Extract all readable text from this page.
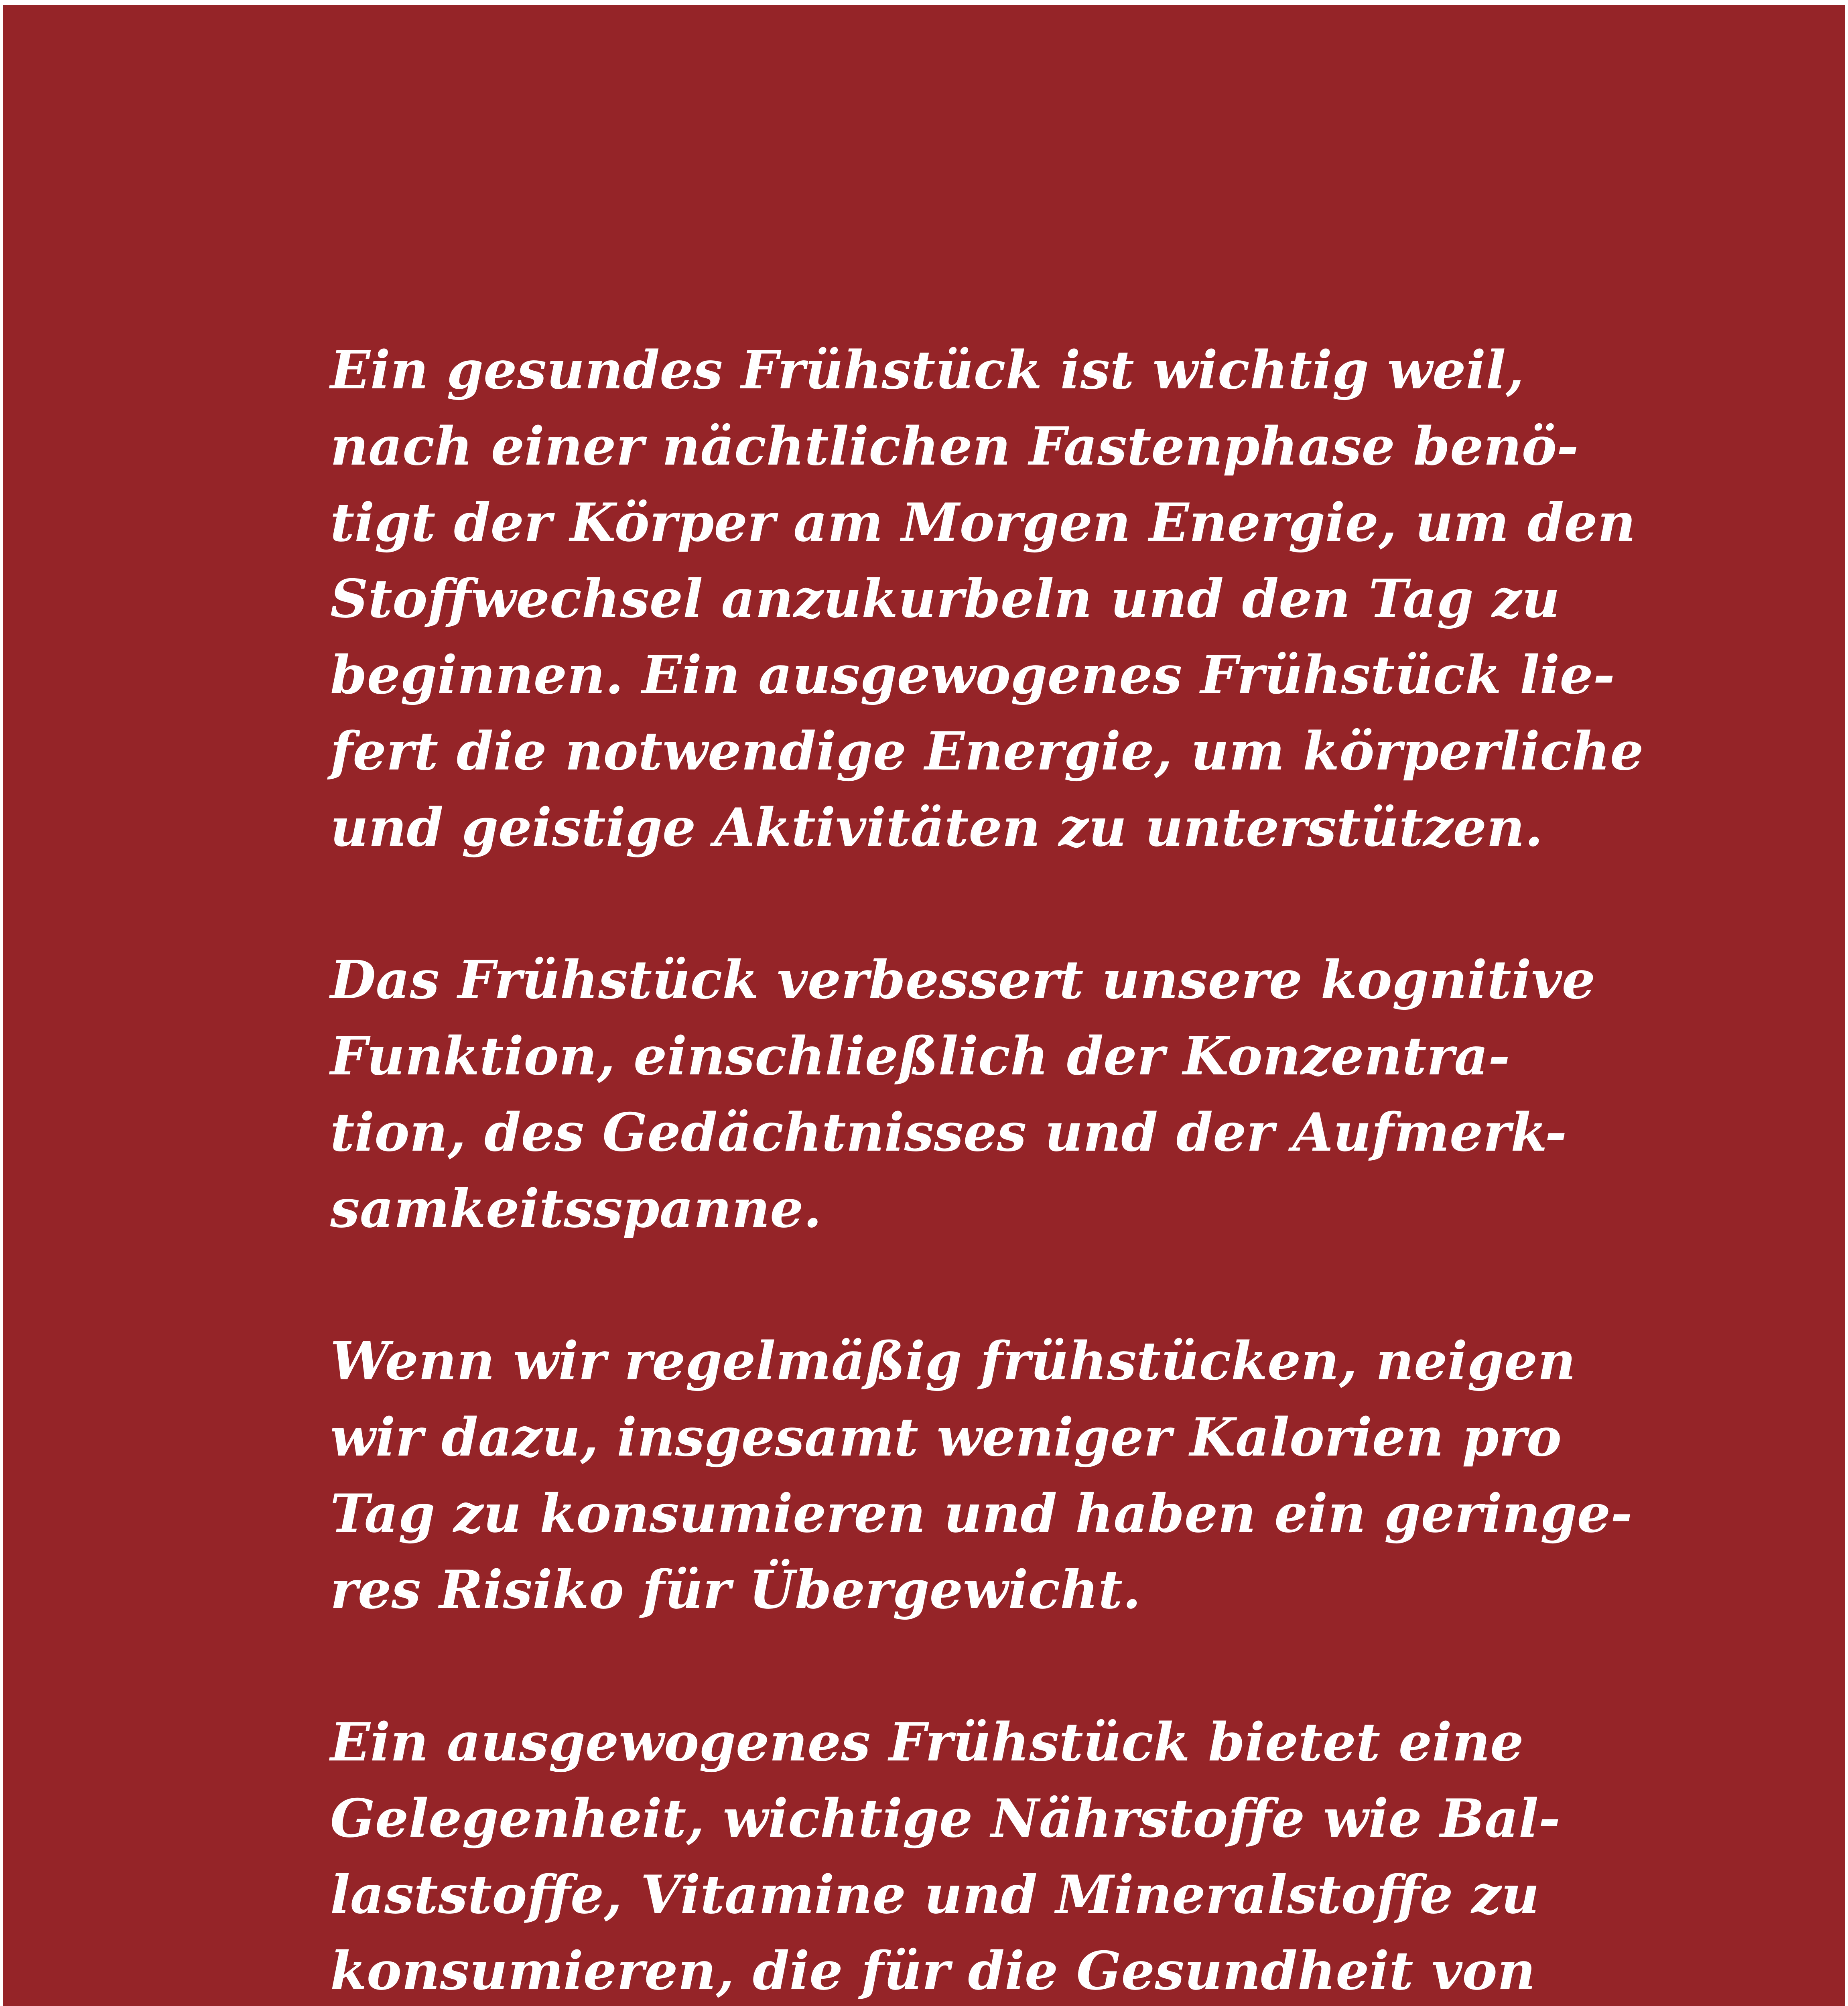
Ein gesundes Frühstück ist wichtig weil,
nach einer nächtlichen Fastenphase benö-
tigt der Körper am Morgen Energie, um den
Stoffwechsel anzukurbeln und den Tag zu
beginnen. Ein ausgewogenes Frühstück lie-
fert die notwendige Energie, um körperliche
und geistige Aktivitäten zu unterstützen.

Das Frühstück verbessert unsere kognitive
Funktion, einschließlich der Konzentra-
tion, des Gedächtnisses und der Aufmerk-
samkeitsspanne.

Wenn wir regelmäßig frühstücken, neigen
wir dazu, insgesamt weniger Kalorien pro
Tag zu konsumieren und haben ein geringe-
res Risiko für Übergewicht.

Ein ausgewogenes Frühstück bietet eine
Gelegenheit, wichtige Nährstoffe wie Bal-
laststoffe, Vitamine und Mineralstoffe zu
konsumieren, die für die Gesundheit von
